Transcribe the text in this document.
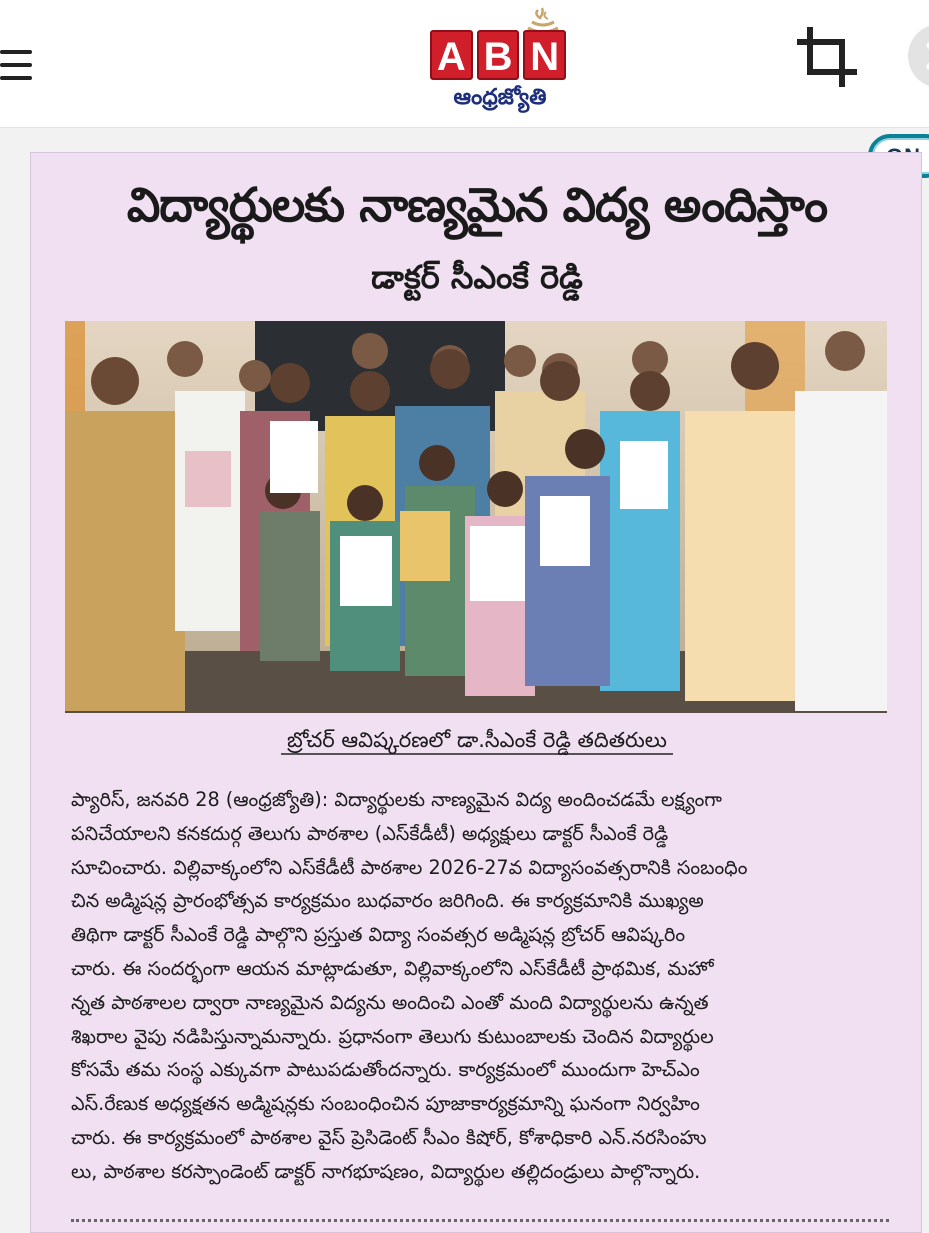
A B N
ఆంధ్రజ్యోతి
విద్యార్థులకు నాణ్యమైన విద్య అందిస్తాం
డాక్టర్ సీఎంకే రెడ్డి
బ్రోచర్ ఆవిష్కరణలో డా.సీఎంకే రెడ్డి తదితరులు
ప్యారిస్, జనవరి 28 (ఆంధ్రజ్యోతి): విద్యార్థులకు నాణ్యమైన విద్య అందించడమే లక్ష్యంగా
పనిచేయాలని కనకదుర్గ తెలుగు పాఠశాల (ఎస్‌కేడీటీ) అధ్యక్షులు డాక్టర్ సీఎంకే రెడ్డి
సూచించారు. విల్లివాక్కంలోని ఎస్‌కేడీటీ పాఠశాల 2026-27వ విద్యాసంవత్సరానికి సంబంధిం
చిన అడ్మిషన్ల ప్రారంభోత్సవ కార్యక్రమం బుధవారం జరిగింది. ఈ కార్యక్రమానికి ముఖ్యఅ
తిథిగా డాక్టర్ సీఎంకే రెడ్డి పాల్గొని ప్రస్తుత విద్యా సంవత్సర అడ్మిషన్ల బ్రోచర్ ఆవిష్కరిం
చారు. ఈ సందర్భంగా ఆయన మాట్లాడుతూ, విల్లివాక్కంలోని ఎస్‌కేడీటీ ప్రాథమిక, మహో
న్నత పాఠశాలల ద్వారా నాణ్యమైన విద్యను అందించి ఎంతో మంది విద్యార్థులను ఉన్నత
శిఖరాల వైపు నడిపిస్తున్నామన్నారు. ప్రధానంగా తెలుగు కుటుంబాలకు చెందిన విద్యార్థుల
కోసమే తమ సంస్థ ఎక్కువగా పాటుపడుతోందన్నారు. కార్యక్రమంలో ముందుగా హెచ్‌ఎం
ఎస్.రేణుక అధ్యక్షతన అడ్మిషన్లకు సంబంధించిన పూజాకార్యక్రమాన్ని ఘనంగా నిర్వహిం
చారు. ఈ కార్యక్రమంలో పాఠశాల వైస్ ప్రెసిడెంట్ సీఎం కిషోర్, కోశాధికారి ఎన్.నరసింహు
లు, పాఠశాల కరస్పాండెంట్ డాక్టర్ నాగభూషణం, విద్యార్థుల తల్లిదండ్రులు పాల్గొన్నారు.
